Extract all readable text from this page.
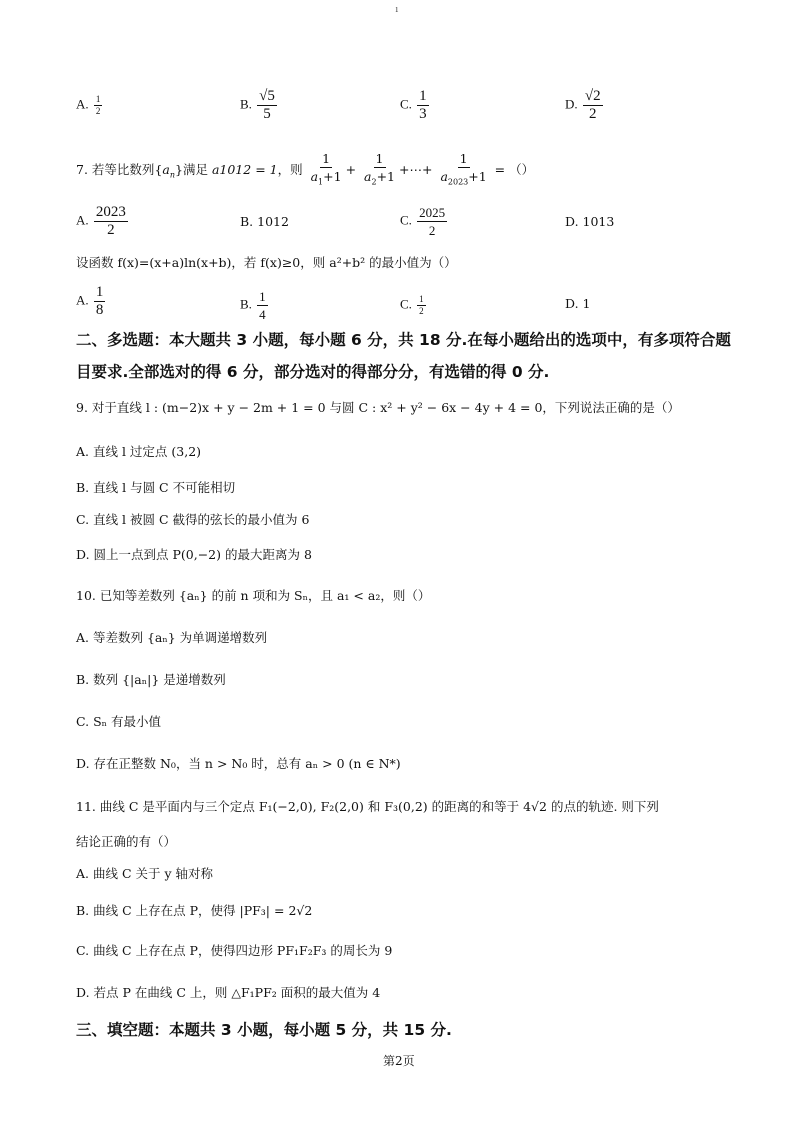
1
A. $\frac{1}{2}$	B. $\frac{√5}{5}$	C. $\frac{1}{3}$	D. $\frac{√2}{2}$
7. 若等比数列$\{a_n\}$满足 a1012 = 1，则 $\frac{1}{a_1+1} + \frac{1}{a_2+1}$ +⋯+ $\frac{1}{a_{2023}+1}$ = （）
A. $\frac{2023}{2}$	B. 1012	C. $\frac{2025}{2}$	D. 1013
设函数 f(x)=(x+a)ln(x+b)，若 f(x)≥0，则 a²+b² 的最小值为（）
A. $\frac{1}{8}$	B. $\frac{1}{4}$	C. $\frac{1}{2}$	D. 1
二、多选题：本大题共 3 小题，每小题 6 分，共 18 分.在每小题给出的选项中，有多项符合题
目要求.全部选对的得 6 分，部分选对的得部分分，有选错的得 0 分.
9. 对于直线 l : (m−2)x + y − 2m + 1 = 0 与圆 C : x² + y² − 6x − 4y + 4 = 0，下列说法正确的是（）
A. 直线 l 过定点 (3,2)
B. 直线 l 与圆 C 不可能相切
C. 直线 l 被圆 C 截得的弦长的最小值为 6
D. 圆上一点到点 P(0,−2) 的最大距离为 8
10. 已知等差数列 {aₙ} 的前 n 项和为 Sₙ，且 a₁ < a₂，则（）
A. 等差数列 {aₙ} 为单调递增数列
B. 数列 {|aₙ|} 是递增数列
C. Sₙ 有最小值
D. 存在正整数 N₀，当 n > N₀ 时，总有 aₙ > 0 (n ∈ N*)
11. 曲线 C 是平面内与三个定点 F₁(−2,0), F₂(2,0) 和 F₃(0,2) 的距离的和等于 4√2 的点的轨迹. 则下列
结论正确的有（）
A. 曲线 C 关于 y 轴对称
B. 曲线 C 上存在点 P，使得 |PF₃| = 2√2
C. 曲线 C 上存在点 P，使得四边形 PF₁F₂F₃ 的周长为 9
D. 若点 P 在曲线 C 上，则 △F₁PF₂ 面积的最大值为 4
三、填空题：本题共 3 小题，每小题 5 分，共 15 分.
第2页
